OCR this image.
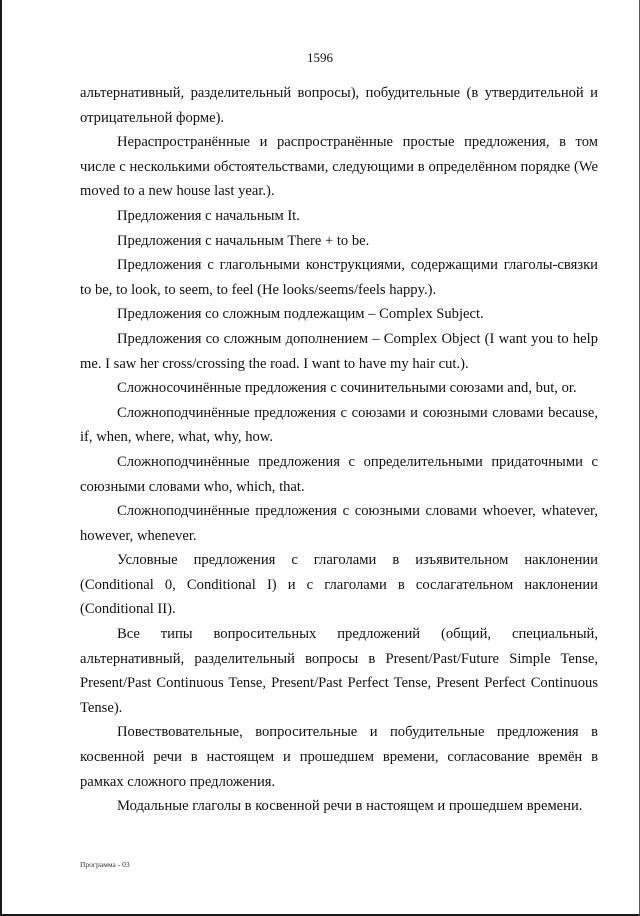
1596

альтернативный, разделительный вопросы), побудительные (в утвердительной и отрицательной форме).

Нераспространённые и распространённые простые предложения, в том числе с несколькими обстоятельствами, следующими в определённом порядке (We moved to a new house last year.).

Предложения с начальным It.

Предложения с начальным There + to be.

Предложения с глагольными конструкциями, содержащими глаголы-связки to be, to look, to seem, to feel (He looks/seems/feels happy.).

Предложения со сложным подлежащим – Complex Subject.

Предложения со сложным дополнением – Complex Object (I want you to help me. I saw her cross/crossing the road. I want to have my hair cut.).

Сложносочинённые предложения с сочинительными союзами and, but, or.

Сложноподчинённые предложения с союзами и союзными словами because, if, when, where, what, why, how.

Сложноподчинённые предложения с определительными придаточными с союзными словами who, which, that.

Сложноподчинённые предложения с союзными словами whoever, whatever, however, whenever.

Условные предложения с глаголами в изъявительном наклонении (Conditional 0, Conditional I) и с глаголами в сослагательном наклонении (Conditional II).

Все типы вопросительных предложений (общий, специальный, альтернативный, разделительный вопросы в Present/Past/Future Simple Tense, Present/Past Continuous Tense, Present/Past Perfect Tense, Present Perfect Continuous Tense).

Повествовательные, вопросительные и побудительные предложения в косвенной речи в настоящем и прошедшем времени, согласование времён в рамках сложного предложения.

Модальные глаголы в косвенной речи в настоящем и прошедшем времени.

Программа - 03
